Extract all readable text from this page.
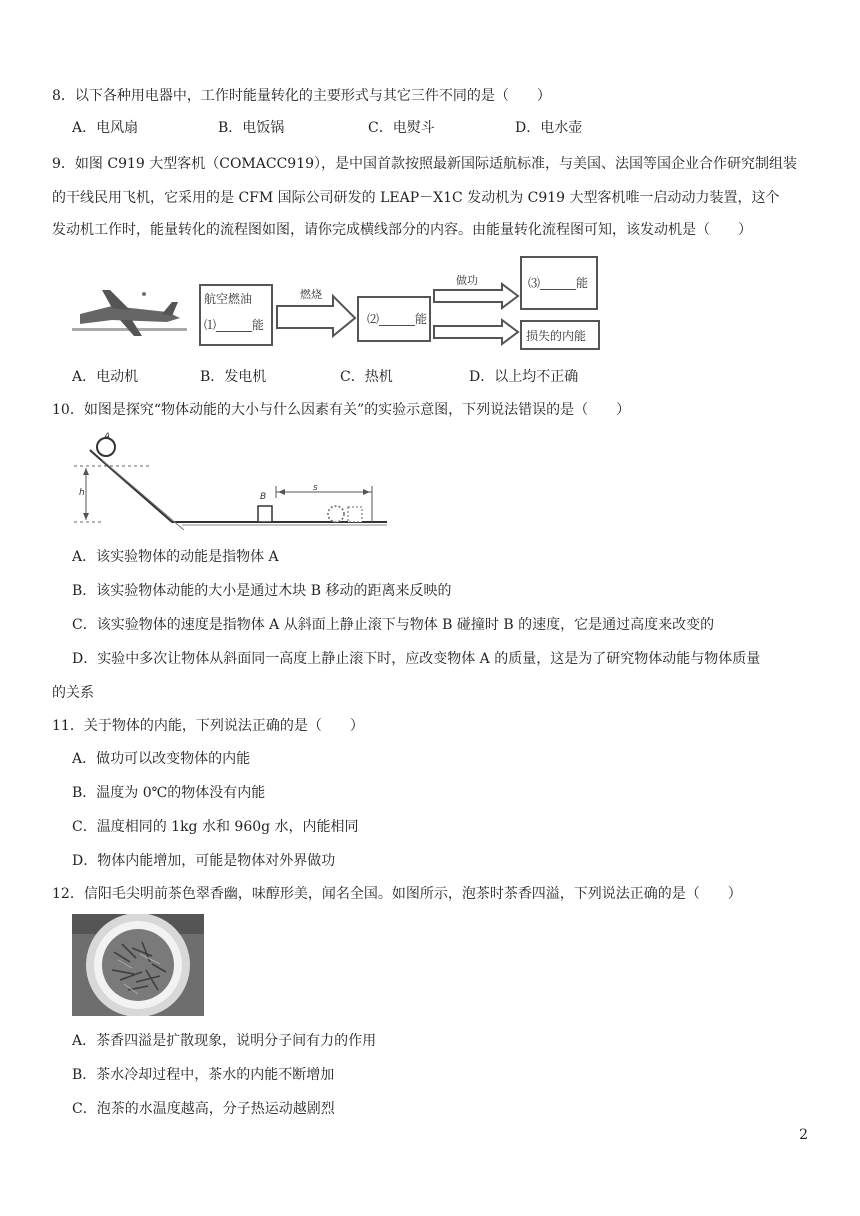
8．以下各种用电器中，工作时能量转化的主要形式与其它三件不同的是（　　）
A．电风扇	B．电饭锅	C．电熨斗	D．电水壶
9．如图 C919 大型客机（COMACC919），是中国首款按照最新国际适航标准，与美国、法国等国企业合作研究制组装
的干线民用飞机，它采用的是 CFM 国际公司研发的 LEAP－X1C 发动机为 C919 大型客机唯一启动动力装置，这个
发动机工作时，能量转化的流程图如图，请你完成横线部分的内容。由能量转化流程图可知，该发动机是（　　）
航空燃油
⑴______能
燃烧
⑵______能
做功	⑶______能
损失的内能
A．电动机	B．发电机	C．热机	D．以上均不正确
10．如图是探究“物体动能的大小与什么因素有关”的实验示意图，下列说法错误的是（　　）
A
h	B
s
A．该实验物体的动能是指物体 A
B．该实验物体动能的大小是通过木块 B 移动的距离来反映的
C．该实验物体的速度是指物体 A 从斜面上静止滚下与物体 B 碰撞时 B 的速度，它是通过高度来改变的
D．实验中多次让物体从斜面同一高度上静止滚下时，应改变物体 A 的质量，这是为了研究物体动能与物体质量
的关系
11．关于物体的内能，下列说法正确的是（　　）
A．做功可以改变物体的内能
B．温度为 0℃的物体没有内能
C．温度相同的 1kg 水和 960g 水，内能相同
D．物体内能增加，可能是物体对外界做功
12．信阳毛尖明前茶色翠香幽，味醇形美，闻名全国。如图所示，泡茶时茶香四溢，下列说法正确的是（　　）
A．茶香四溢是扩散现象，说明分子间有力的作用
B．茶水冷却过程中，茶水的内能不断增加
C．泡茶的水温度越高，分子热运动越剧烈
2
